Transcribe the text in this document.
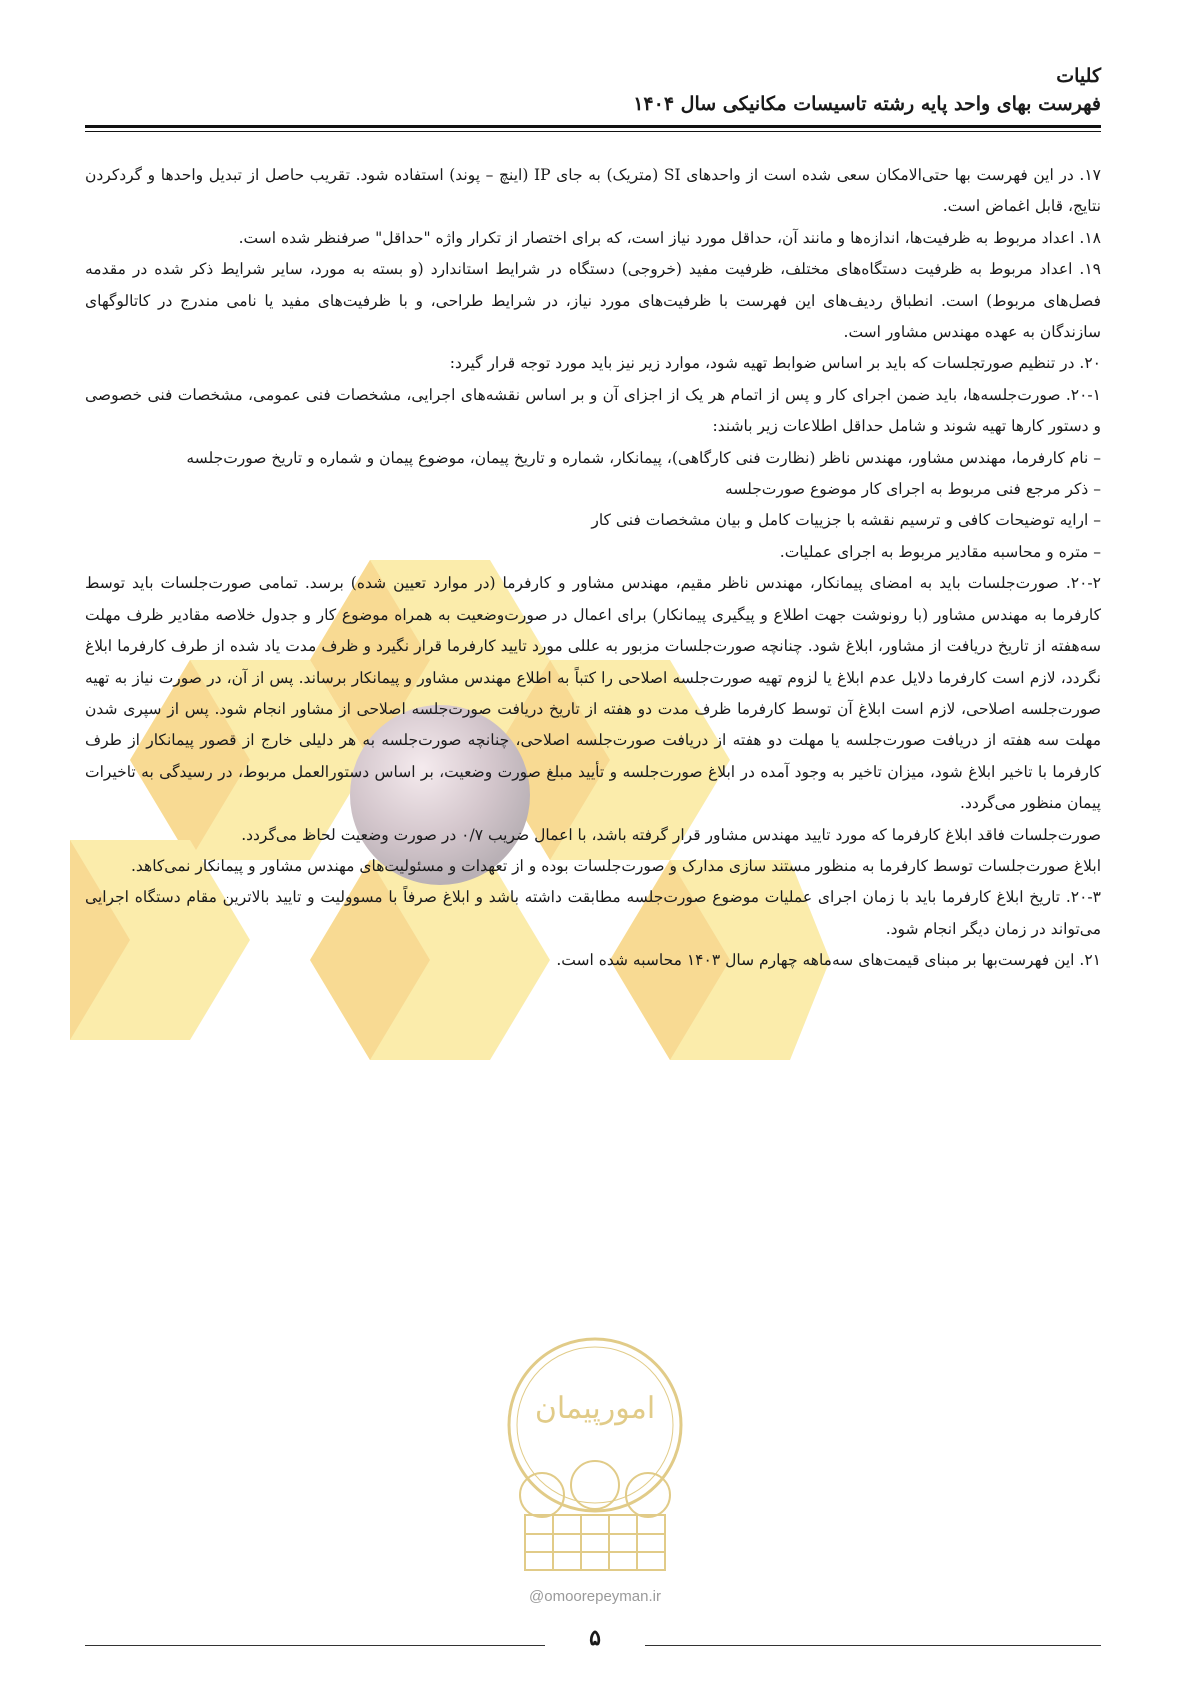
کلیات
فهرست بهای واحد پایه رشته تاسیسات مکانیکی سال ۱۴۰۴

۱۷. در این فهرست بها حتی‌الامکان سعی شده است از واحدهای SI (متریک) به جای IP (اینچ – پوند) استفاده شود. تقریب حاصل از تبدیل واحدها و گردکردن نتایج، قابل اغماض است.

۱۸. اعداد مربوط به ظرفیت‌ها، اندازه‌ها و مانند آن، حداقل مورد نیاز است، که برای اختصار از تکرار واژه "حداقل" صرفنظر شده است.

۱۹. اعداد مربوط به ظرفیت دستگاه‌های مختلف، ظرفیت مفید (خروجی) دستگاه در شرایط استاندارد (و بسته به مورد، سایر شرایط ذکر شده در مقدمه فصل‌های مربوط) است. انطباق ردیف‌های این فهرست با ظرفیت‌های مورد نیاز، در شرایط طراحی، و با ظرفیت‌های مفید یا نامی مندرج در کاتالوگهای سازندگان به عهده مهندس مشاور است.

۲۰. در تنظیم صورتجلسات که باید بر اساس ضوابط تهیه شود، موارد زیر نیز باید مورد توجه قرار گیرد:

۲۰-۱. صورت‌جلسه‌ها، باید ضمن اجرای کار و پس از اتمام هر یک از اجزای آن و بر اساس نقشه‌های اجرایی، مشخصات فنی عمومی، مشخصات فنی خصوصی و دستور کارها تهیه شوند و شامل حداقل اطلاعات زیر باشند:

– نام کارفرما، مهندس مشاور، مهندس ناظر (نظارت فنی کارگاهی)، پیمانکار، شماره و تاریخ پیمان، موضوع پیمان و شماره و تاریخ صورت‌جلسه

– ذکر مرجع فنی مربوط به اجرای کار موضوع صورت‌جلسه

– ارایه توضیحات کافی و ترسیم نقشه با جزییات کامل و بیان مشخصات فنی کار

– متره و محاسبه مقادیر مربوط به اجرای عملیات.

۲۰-۲. صورت‌جلسات باید به امضای پیمانکار، مهندس ناظر مقیم، مهندس مشاور و کارفرما (در موارد تعیین شده) برسد. تمامی صورت‌جلسات باید توسط کارفرما به مهندس مشاور (با رونوشت جهت اطلاع و پیگیری پیمانکار) برای اعمال در صورت‌وضعیت به همراه موضوع کار و جدول خلاصه مقادیر ظرف مهلت سه‌هفته از تاریخ دریافت از مشاور، ابلاغ شود. چنانچه صورت‌جلسات مزبور به عللی مورد تایید کارفرما قرار نگیرد و ظرف مدت یاد شده از طرف کارفرما ابلاغ نگردد، لازم است کارفرما دلایل عدم ابلاغ یا لزوم تهیه صورت‌جلسه اصلاحی را کتباً به اطلاع مهندس مشاور و پیمانکار برساند. پس از آن، در صورت نیاز به تهیه صورت‌جلسه اصلاحی، لازم است ابلاغ آن توسط کارفرما ظرف مدت دو هفته از تاریخ دریافت صورت‌جلسه اصلاحی از مشاور انجام شود. پس از سپری شدن مهلت سه هفته از دریافت صورت‌جلسه یا مهلت دو هفته از دریافت صورت‌جلسه اصلاحی، چنانچه صورت‌جلسه به هر دلیلی خارج از قصور پیمانکار از طرف کارفرما با تاخیر ابلاغ شود، میزان تاخیر به وجود آمده در ابلاغ صورت‌جلسه و تأیید مبلغ صورت وضعیت، بر اساس دستورالعمل مربوط، در رسیدگی به تاخیرات پیمان منظور می‌گردد.

صورت‌جلسات فاقد ابلاغ کارفرما که مورد تایید مهندس مشاور قرار گرفته باشد، با اعمال ضریب ۰/۷ در صورت وضعیت لحاظ می‌گردد.

ابلاغ صورت‌جلسات توسط کارفرما به منظور مستند سازی مدارک و صورت‌جلسات بوده و از تعهدات و مسئولیت‌های مهندس مشاور و پیمانکار نمی‌کاهد.

۲۰-۳. تاریخ ابلاغ کارفرما باید با زمان اجرای عملیات موضوع صورت‌جلسه مطابقت داشته باشد و ابلاغ صرفاً با مسوولیت و تایید بالاترین مقام دستگاه اجرایی می‌تواند در زمان دیگر انجام شود.

۲۱. این فهرست‌بها بر مبنای قیمت‌های سه‌ماهه چهارم سال ۱۴۰۳ محاسبه شده است.

امورپیمان
@omoorepeyman.ir
۵
